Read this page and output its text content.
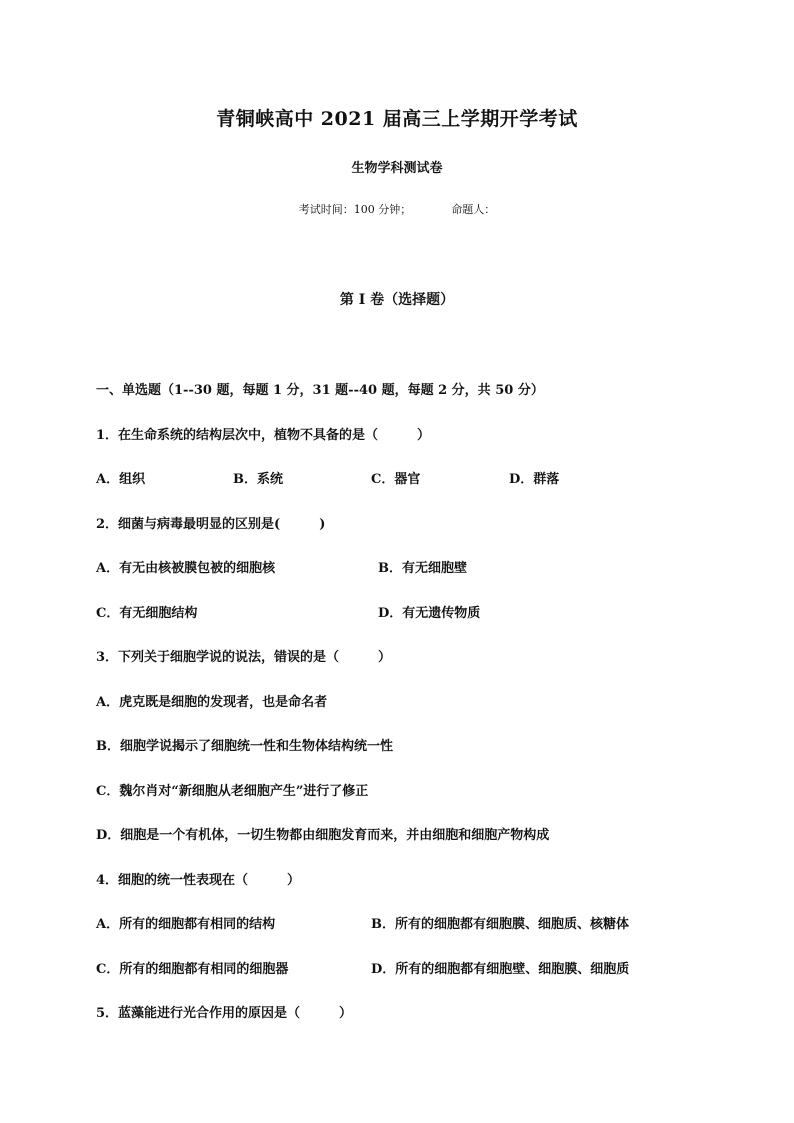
青铜峡高中 2021 届高三上学期开学考试
生物学科测试卷
考试时间：100 分钟；	命题人：
第 I 卷（选择题）
一、单选题（1--30 题，每题 1 分，31 题--40 题，每题 2 分，共 50 分）
1．在生命系统的结构层次中，植物不具备的是（　　　）
A．组织	B．系统	C．器官	D．群落
2．细菌与病毒最明显的区别是(　　　)
A．有无由核被膜包被的细胞核	B．有无细胞壁
C．有无细胞结构	D．有无遗传物质
3．下列关于细胞学说的说法，错误的是（　　　）
A．虎克既是细胞的发现者，也是命名者
B．细胞学说揭示了细胞统一性和生物体结构统一性
C．魏尔肖对“新细胞从老细胞产生”进行了修正
D．细胞是一个有机体，一切生物都由细胞发育而来，并由细胞和细胞产物构成
4．细胞的统一性表现在（　　　）
A．所有的细胞都有相同的结构	B．所有的细胞都有细胞膜、细胞质、核糖体
C．所有的细胞都有相同的细胞器	D．所有的细胞都有细胞壁、细胞膜、细胞质
5．蓝藻能进行光合作用的原因是（　　　）
